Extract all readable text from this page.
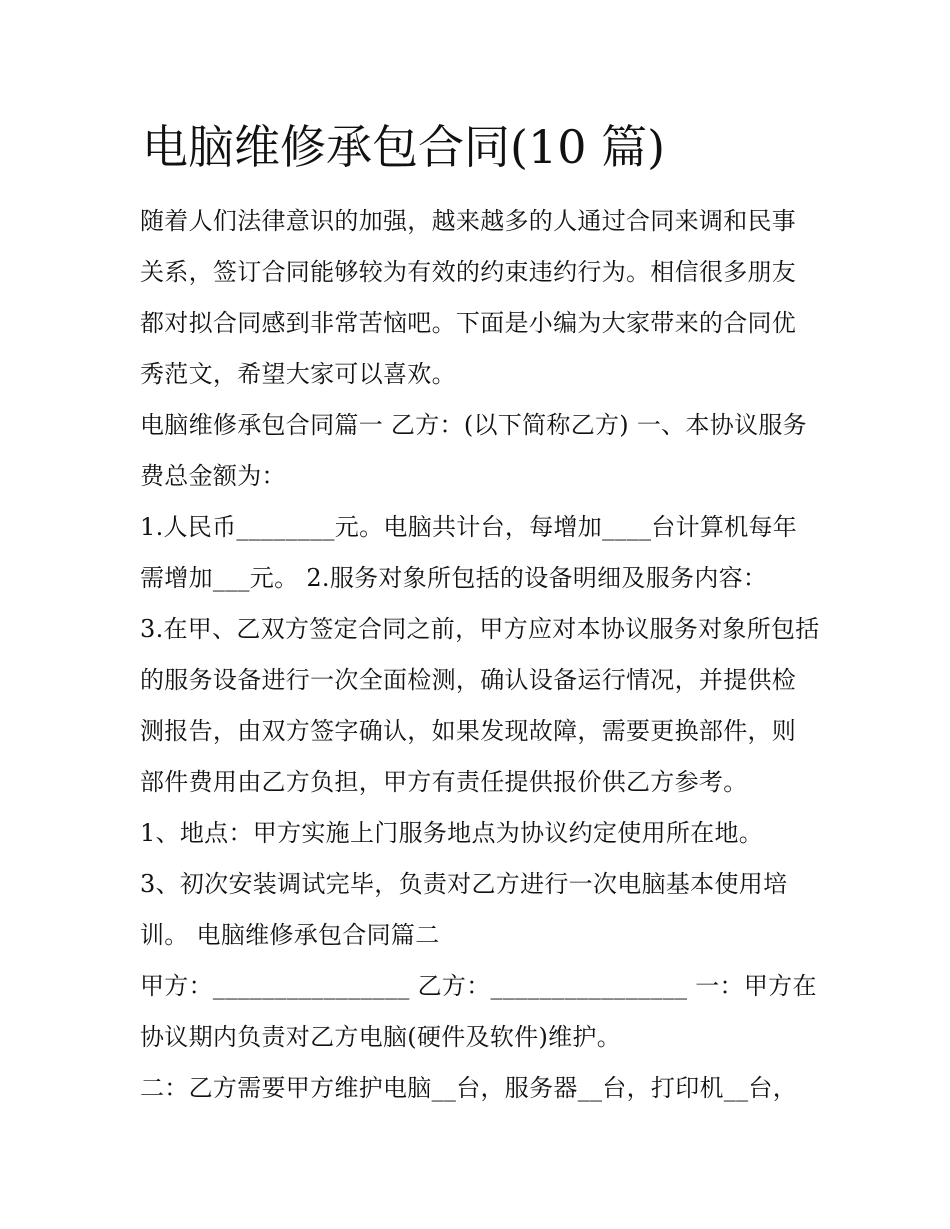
电脑维修承包合同(10 篇)

随着人们法律意识的加强，越来越多的人通过合同来调和民事关系，签订合同能够较为有效的约束违约行为。相信很多朋友都对拟合同感到非常苦恼吧。下面是小编为大家带来的合同优秀范文，希望大家可以喜欢。

电脑维修承包合同篇一 乙方：(以下简称乙方) 一、本协议服务费总金额为：

1.人民币________元。电脑共计台，每增加____台计算机每年需增加___元。 2.服务对象所包括的设备明细及服务内容：

3.在甲、乙双方签定合同之前，甲方应对本协议服务对象所包括的服务设备进行一次全面检测，确认设备运行情况，并提供检测报告，由双方签字确认，如果发现故障，需要更换部件，则部件费用由乙方负担，甲方有责任提供报价供乙方参考。

1、地点：甲方实施上门服务地点为协议约定使用所在地。

3、初次安装调试完毕，负责对乙方进行一次电脑基本使用培训。 电脑维修承包合同篇二

甲方：________________ 乙方：________________ 一：甲方在协议期内负责对乙方电脑(硬件及软件)维护。

二：乙方需要甲方维护电脑__台，服务器__台，打印机__台，
